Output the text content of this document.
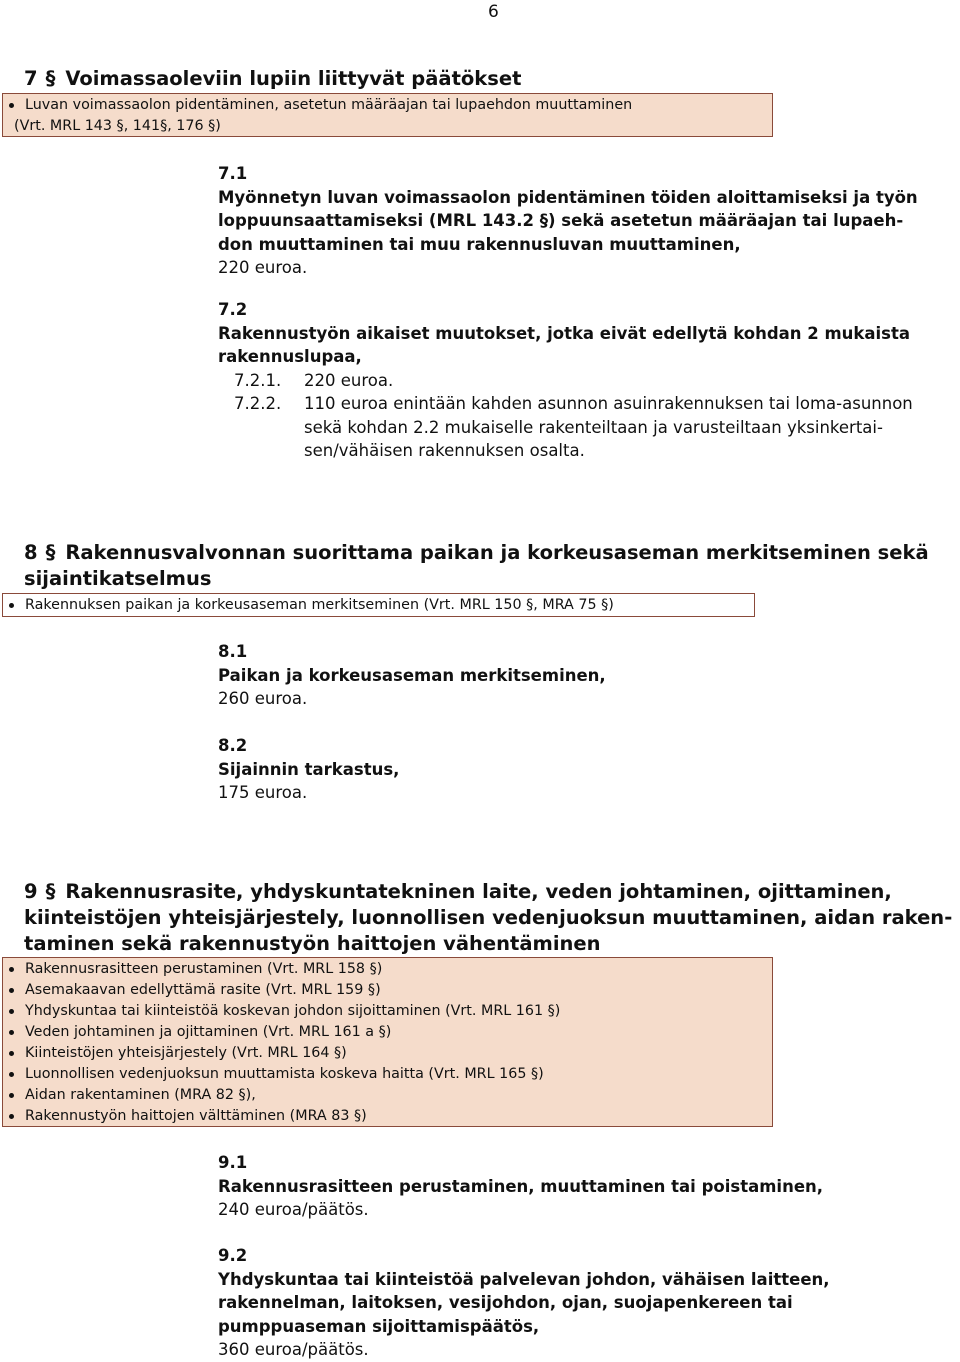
6
7 § Voimassaoleviin lupiin liittyvät päätökset
Luvan voimassaolon pidentäminen, asetetun määräajan tai lupaehdon muuttaminen
(Vrt. MRL 143 §, 141§, 176 §)
7.1
Myönnetyn luvan voimassaolon pidentäminen töiden aloittamiseksi ja työn
loppuunsaattamiseksi (MRL 143.2 §) sekä asetetun määräajan tai lupaeh-
don muuttaminen tai muu rakennusluvan muuttaminen,
220 euroa.
7.2
Rakennustyön aikaiset muutokset, jotka eivät edellytä kohdan 2 mukaista
rakennuslupaa,
7.2.1. 220 euroa.
7.2.2. 110 euroa enintään kahden asunnon asuinrakennuksen tai loma-asunnon
sekä kohdan 2.2 mukaiselle rakenteiltaan ja varusteiltaan yksinkertai-
sen/vähäisen rakennuksen osalta.
8 § Rakennusvalvonnan suorittama paikan ja korkeusaseman merkitseminen sekä
sijaintikatselmus
Rakennuksen paikan ja korkeusaseman merkitseminen (Vrt. MRL 150 §, MRA 75 §)
8.1
Paikan ja korkeusaseman merkitseminen,
260 euroa.
8.2
Sijainnin tarkastus,
175 euroa.
9 § Rakennusrasite, yhdyskuntatekninen laite, veden johtaminen, ojittaminen,
kiinteistöjen yhteisjärjestely, luonnollisen vedenjuoksun muuttaminen, aidan raken-
taminen sekä rakennustyön haittojen vähentäminen
Rakennusrasitteen perustaminen (Vrt. MRL 158 §)
Asemakaavan edellyttämä rasite (Vrt. MRL 159 §)
Yhdyskuntaa tai kiinteistöä koskevan johdon sijoittaminen (Vrt. MRL 161 §)
Veden johtaminen ja ojittaminen (Vrt. MRL 161 a §)
Kiinteistöjen yhteisjärjestely (Vrt. MRL 164 §)
Luonnollisen vedenjuoksun muuttamista koskeva haitta (Vrt. MRL 165 §)
Aidan rakentaminen (MRA 82 §),
Rakennustyön haittojen välttäminen (MRA 83 §)
9.1
Rakennusrasitteen perustaminen, muuttaminen tai poistaminen,
240 euroa/päätös.
9.2
Yhdyskuntaa tai kiinteistöä palvelevan johdon, vähäisen laitteen,
rakennelman, laitoksen, vesijohdon, ojan, suojapenkereen tai
pumppuaseman sijoittamispäätös,
360 euroa/päätös.
